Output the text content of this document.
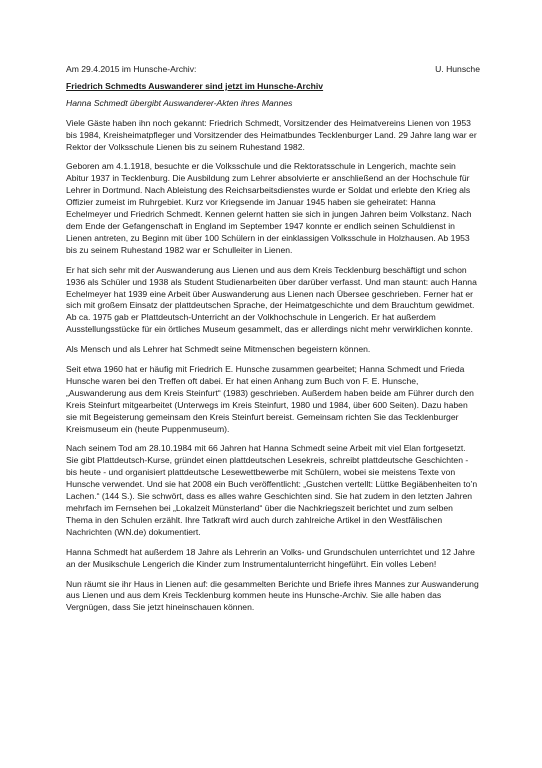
Am 29.4.2015 im Hunsche-Archiv:	U. Hunsche
Friedrich Schmedts Auswanderer sind jetzt im Hunsche-Archiv
Hanna Schmedt übergibt Auswanderer-Akten ihres Mannes

Viele Gäste haben ihn noch gekannt: Friedrich Schmedt, Vorsitzender des Heimatvereins Lienen von 1953 bis 1984, Kreisheimatpfleger und Vorsitzender des Heimatbundes Tecklenburger Land. 29 Jahre lang war er Rektor der Volksschule Lienen bis zu seinem Ruhestand 1982.

Geboren am 4.1.1918, besuchte er die Volksschule und die Rektoratsschule in Lengerich, machte sein Abitur 1937 in Tecklenburg. Die Ausbildung zum Lehrer absolvierte er anschließend an der Hochschule für Lehrer in Dortmund. Nach Ableistung des Reichsarbeitsdienstes wurde er Soldat und erlebte den Krieg als Offizier zumeist im Ruhrgebiet. Kurz vor Kriegsende im Januar 1945 haben sie geheiratet: Hanna Echelmeyer und Friedrich Schmedt. Kennen gelernt hatten sie sich in jungen Jahren beim Volkstanz. Nach dem Ende der Gefangenschaft in England im September 1947 konnte er endlich seinen Schuldienst in Lienen antreten, zu Beginn mit über 100 Schülern in der einklassigen Volksschule in Holzhausen. Ab 1953 bis zu seinem Ruhestand 1982 war er Schulleiter in Lienen.

Er hat sich sehr mit der Auswanderung aus Lienen und aus dem Kreis Tecklenburg beschäftigt und schon 1936 als Schüler und 1938 als Student Studienarbeiten über darüber verfasst. Und man staunt: auch Hanna Echelmeyer hat 1939 eine Arbeit über Auswanderung aus Lienen nach Übersee geschrieben. Ferner hat er sich mit großem Einsatz der plattdeutschen Sprache, der Heimatgeschichte und dem Brauchtum gewidmet. Ab ca. 1975 gab er Plattdeutsch-Unterricht an der Volkhochschule in Lengerich. Er hat außerdem Ausstellungsstücke für ein örtliches Museum gesammelt, das er allerdings nicht mehr verwirklichen konnte.

Als Mensch und als Lehrer hat Schmedt seine Mitmenschen begeistern können.

Seit etwa 1960 hat er häufig mit Friedrich E. Hunsche zusammen gearbeitet; Hanna Schmedt und Frieda Hunsche waren bei den Treffen oft dabei. Er hat einen Anhang zum Buch von F. E. Hunsche, „Auswanderung aus dem Kreis Steinfurt“ (1983) geschrieben. Außerdem haben beide am Führer durch den Kreis Steinfurt mitgearbeitet (Unterwegs im Kreis Steinfurt, 1980 und 1984, über 600 Seiten). Dazu haben sie mit Begeisterung gemeinsam den Kreis Steinfurt bereist. Gemeinsam richten Sie das Tecklenburger Kreismuseum ein (heute Puppenmuseum).

Nach seinem Tod am 28.10.1984 mit 66 Jahren hat Hanna Schmedt seine Arbeit mit viel Elan fortgesetzt. Sie gibt Plattdeutsch-Kurse, gründet einen plattdeutschen Lesekreis, schreibt plattdeutsche Geschichten - bis heute - und organisiert plattdeutsche Lesewettbewerbe mit Schülern, wobei sie meistens Texte von Hunsche verwendet. Und sie hat 2008 ein Buch veröffentlicht: „Gustchen vertellt: Lüttke Begiäbenheiten to’n Lachen.“ (144 S.). Sie schwört, dass es alles wahre Geschichten sind. Sie hat zudem in den letzten Jahren mehrfach im Fernsehen bei „Lokalzeit Münsterland“ über die Nachkriegszeit berichtet und zum selben Thema in den Schulen erzählt. Ihre Tatkraft wird auch durch zahlreiche Artikel in den Westfälischen Nachrichten (WN.de) dokumentiert.

Hanna Schmedt hat außerdem 18 Jahre als Lehrerin an Volks- und Grundschulen unterrichtet und 12 Jahre an der Musikschule Lengerich die Kinder zum Instrumentalunterricht hingeführt. Ein volles Leben!

Nun räumt sie ihr Haus in Lienen auf: die gesammelten Berichte und Briefe ihres Mannes zur Auswanderung aus Lienen und aus dem Kreis Tecklenburg kommen heute ins Hunsche-Archiv. Sie alle haben das Vergnügen, dass Sie jetzt hineinschauen können.
